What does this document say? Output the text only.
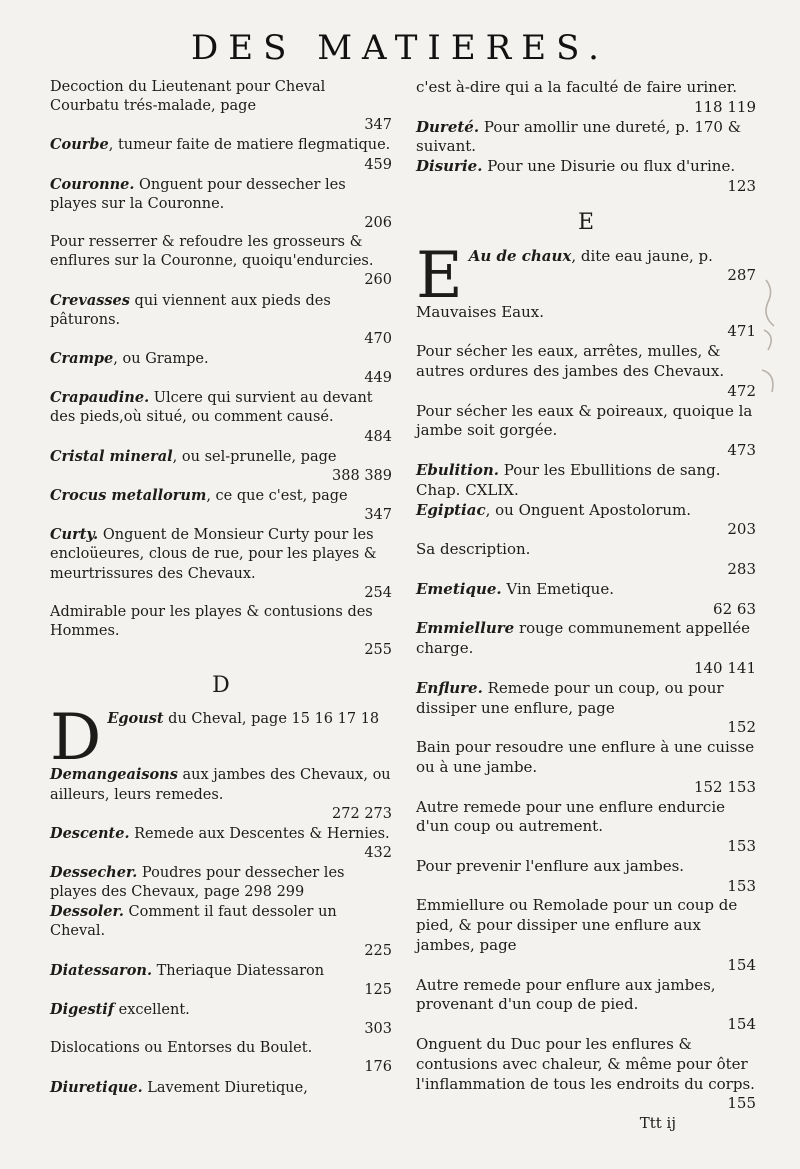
DES MATIERES.
Decoction du Lieutenant pour Cheval Courbatu trés-malade, page
347
Courbe, tumeur faite de matiere flegmatique.
459
Couronne. Onguent pour dessecher les playes sur la Couronne.
206
Pour resserrer & refoudre les grosseurs & enflures sur la Couronne, quoiqu'endurcies.
260
Crevasses qui viennent aux pieds des pâturons.
470
Crampe, ou Grampe.
449
Crapaudine. Ulcere qui survient au devant des pieds,où situé, ou comment causé.
484
Cristal mineral, ou sel-prunelle, page
388 389
Crocus metallorum, ce que c'est, page
347
Curty. Onguent de Monsieur Curty pour les encloüeures, clous de rue, pour les playes & meurtrissures des Chevaux.
254
Admirable pour les playes & contusions des Hommes.
255
D
D Egoust du Cheval, page 15 16 17 18
Demangeaisons aux jambes des Chevaux, ou ailleurs, leurs remedes.
272 273
Descente. Remede aux Descentes & Hernies.
432
Dessecher. Poudres pour dessecher les playes des Chevaux, page 298 299
Dessoler. Comment il faut dessoler un Cheval.
225
Diatessaron. Theriaque Diatessaron
125
Digestif excellent.
303
Dislocations ou Entorses du Boulet.
176
Diuretique. Lavement Diuretique,
c'est à-dire qui a la faculté de faire uriner.
118 119
Dureté. Pour amollir une dureté, p. 170 & suivant.
Disurie. Pour une Disurie ou flux d'urine.
123
E
E Au de chaux, dite eau jaune, p.
287
Mauvaises Eaux.
471
Pour sécher les eaux, arrêtes, mulles, & autres ordures des jambes des Chevaux.
472
Pour sécher les eaux & poireaux, quoique la jambe soit gorgée.
473
Ebulition. Pour les Ebullitions de sang. Chap. CXLIX.
Egiptiac, ou Onguent Apostolorum.
203
Sa description.
283
Emetique. Vin Emetique.
62 63
Emmiellure rouge communement appellée charge.
140 141
Enflure. Remede pour un coup, ou pour dissiper une enflure, page
152
Bain pour resoudre une enflure à une cuisse ou à une jambe.
152 153
Autre remede pour une enflure endurcie d'un coup ou autrement.
153
Pour prevenir l'enflure aux jambes.
153
Emmiellure ou Remolade pour un coup de pied, & pour dissiper une enflure aux jambes, page
154
Autre remede pour enflure aux jambes, provenant d'un coup de pied.
154
Onguent du Duc pour les enflures & contusions avec chaleur, & même pour ôter l'inflammation de tous les endroits du corps.
155
Ttt ij
